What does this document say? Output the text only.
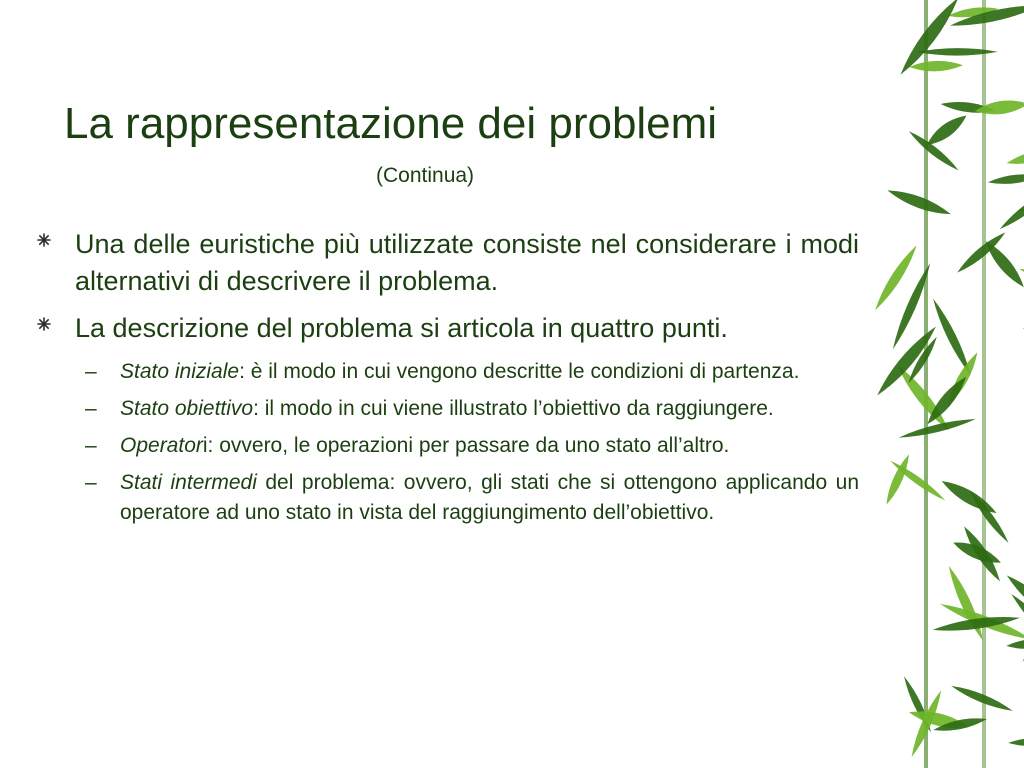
La rappresentazione dei problemi
(Continua)
Una delle euristiche più utilizzate consiste nel considerare i modi alternativi di descrivere il problema.
La descrizione del problema si articola in quattro punti.
–	Stato iniziale: è il modo in cui vengono descritte le condizioni di partenza.
–	Stato obiettivo: il modo in cui viene illustrato l’obiettivo da raggiungere.
–	Operatori: ovvero, le operazioni per passare da uno stato all’altro.
–	Stati intermedi del problema: ovvero, gli stati che si ottengono applicando un operatore ad uno stato in vista del raggiungimento dell’obiettivo.
